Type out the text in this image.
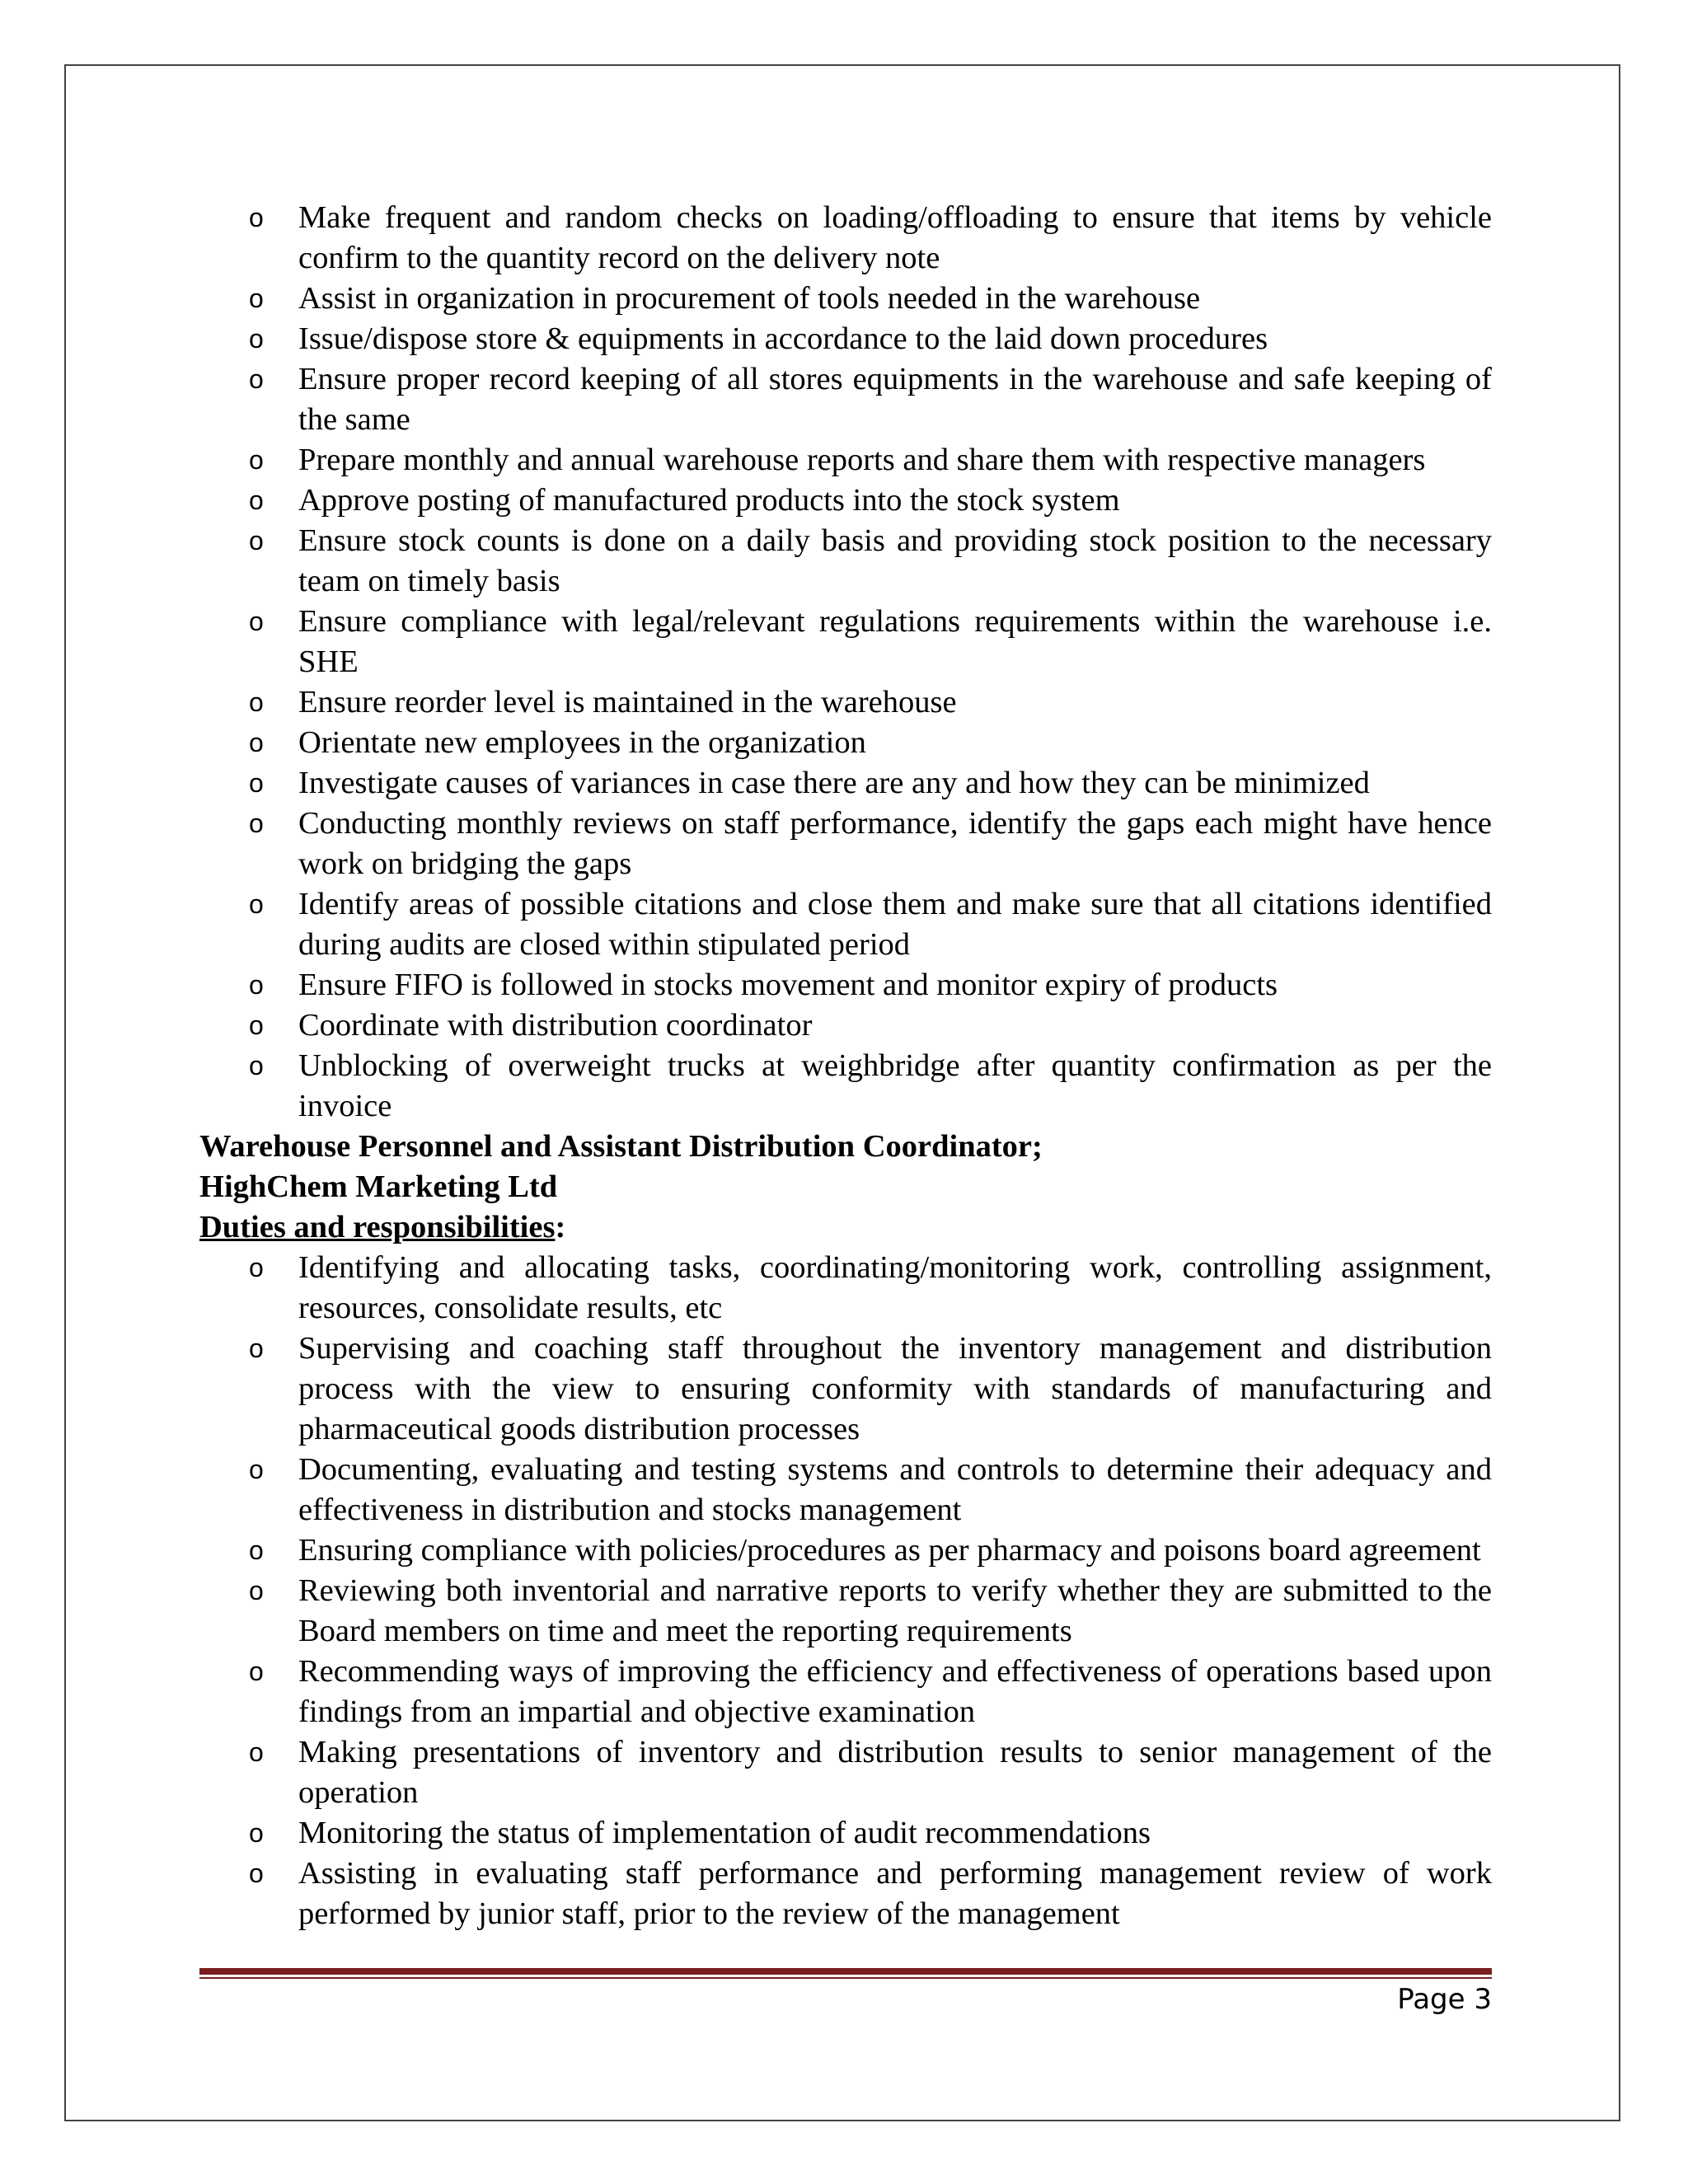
o Make frequent and random checks on loading/offloading to ensure that items by vehicle confirm to the quantity record on the delivery note
o Assist in organization in procurement of tools needed in the warehouse
o Issue/dispose store & equipments in accordance to the laid down procedures
o Ensure proper record keeping of all stores equipments in the warehouse and safe keeping of the same
o Prepare monthly and annual warehouse reports and share them with respective managers
o Approve posting of manufactured products into the stock system
o Ensure stock counts is done on a daily basis and providing stock position to the necessary team on timely basis
o Ensure compliance with legal/relevant regulations requirements within the warehouse i.e. SHE
o Ensure reorder level is maintained in the warehouse
o Orientate new employees in the organization
o Investigate causes of variances in case there are any and how they can be minimized
o Conducting monthly reviews on staff performance, identify the gaps each might have hence work on bridging the gaps
o Identify areas of possible citations and close them and make sure that all citations identified during audits are closed within stipulated period
o Ensure FIFO is followed in stocks movement and monitor expiry of products
o Coordinate with distribution coordinator
o Unblocking of overweight trucks at weighbridge after quantity confirmation as per the invoice

Warehouse Personnel and Assistant Distribution Coordinator;

HighChem Marketing Ltd

Duties and responsibilities:

o Identifying and allocating tasks, coordinating/monitoring work, controlling assignment, resources, consolidate results, etc
o Supervising and coaching staff throughout the inventory management and distribution process with the view to ensuring conformity with standards of manufacturing and pharmaceutical goods distribution processes
o Documenting, evaluating and testing systems and controls to determine their adequacy and effectiveness in distribution and stocks management
o Ensuring compliance with policies/procedures as per pharmacy and poisons board agreement
o Reviewing both inventorial and narrative reports to verify whether they are submitted to the Board members on time and meet the reporting requirements
o Recommending ways of improving the efficiency and effectiveness of operations based upon findings from an impartial and objective examination
o Making presentations of inventory and distribution results to senior management of the operation
o Monitoring the status of implementation of audit recommendations
o Assisting in evaluating staff performance and performing management review of work performed by junior staff, prior to the review of the management
Page 3
